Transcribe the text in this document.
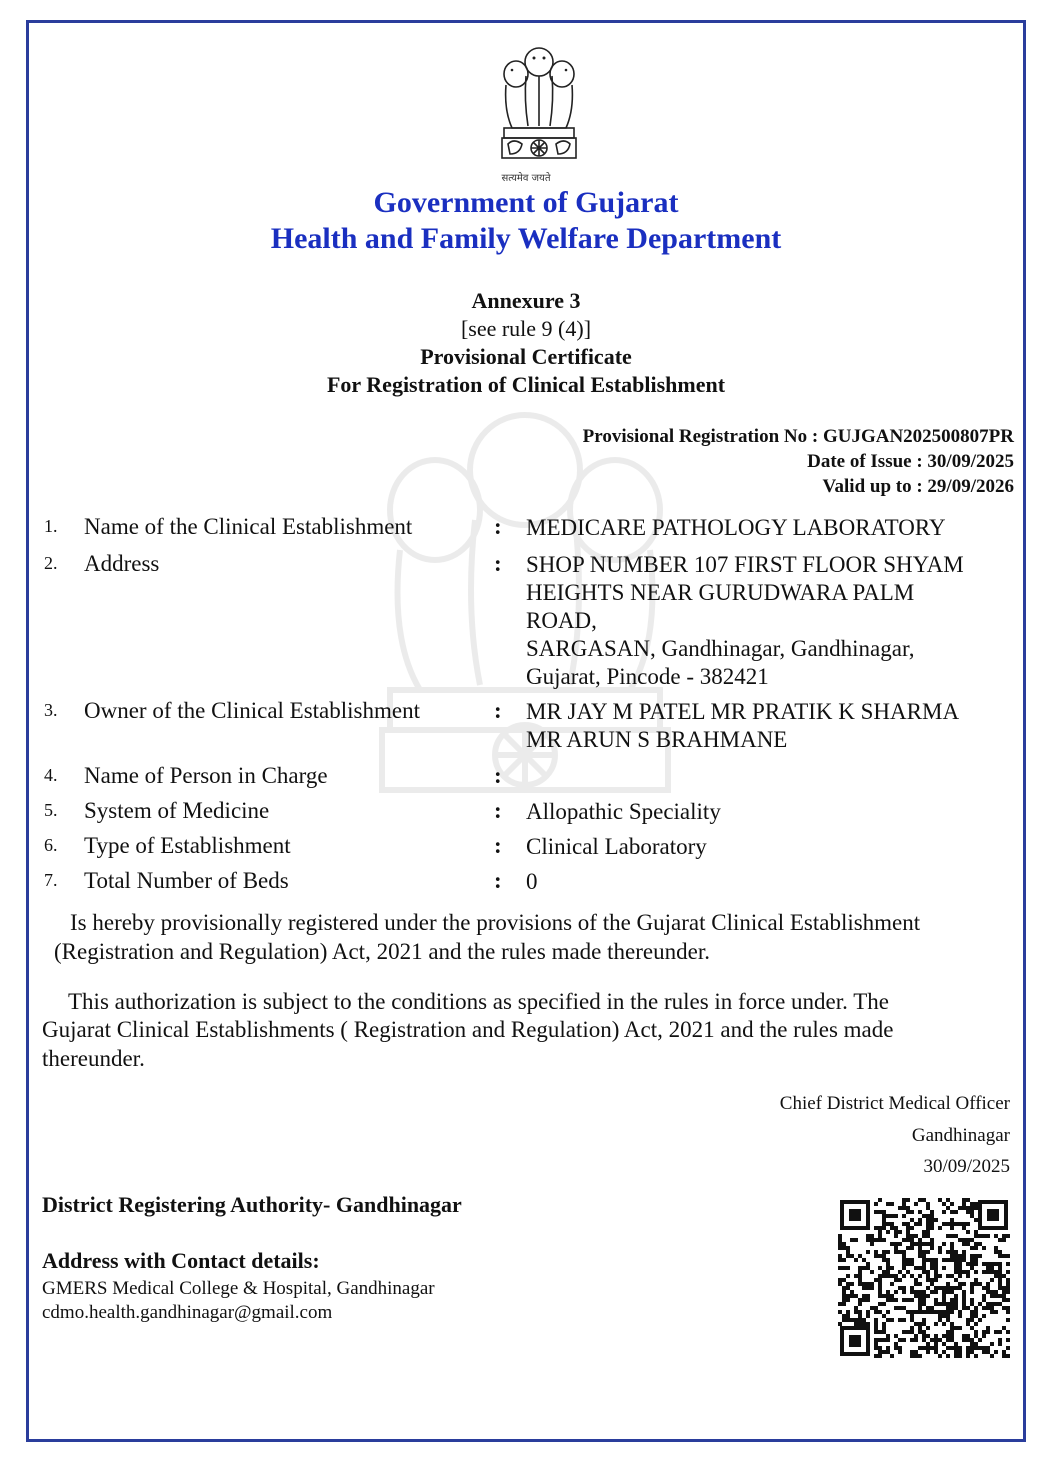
सत्यमेव जयते
Government of Gujarat
Health and Family Welfare Department
Annexure 3
[see rule 9 (4)]
Provisional Certificate
For Registration of Clinical Establishment
Provisional Registration No : GUJGAN202500807PR
Date of Issue : 30/09/2025
Valid up to : 29/09/2026
1. Name of the Clinical Establishment	: MEDICARE PATHOLOGY LABORATORY
2. Address	: SHOP NUMBER 107 FIRST FLOOR SHYAM
HEIGHTS NEAR GURUDWARA PALM
ROAD,
SARGASAN, Gandhinagar, Gandhinagar,
Gujarat, Pincode - 382421
3. Owner of the Clinical Establishment	: MR JAY M PATEL MR PRATIK K SHARMA
MR ARUN S BRAHMANE
4. Name of Person in Charge	:
5. System of Medicine	: Allopathic Speciality
6. Type of Establishment	: Clinical Laboratory
7. Total Number of Beds	: 0
Is hereby provisionally registered under the provisions of the Gujarat Clinical Establishment
(Registration and Regulation) Act, 2021 and the rules made thereunder.
This authorization is subject to the conditions as specified in the rules in force under. The
Gujarat Clinical Establishments ( Registration and Regulation) Act, 2021 and the rules made
thereunder.
Chief District Medical Officer
Gandhinagar
30/09/2025
District Registering Authority- Gandhinagar
Address with Contact details:
GMERS Medical College & Hospital, Gandhinagar
cdmo.health.gandhinagar@gmail.com
